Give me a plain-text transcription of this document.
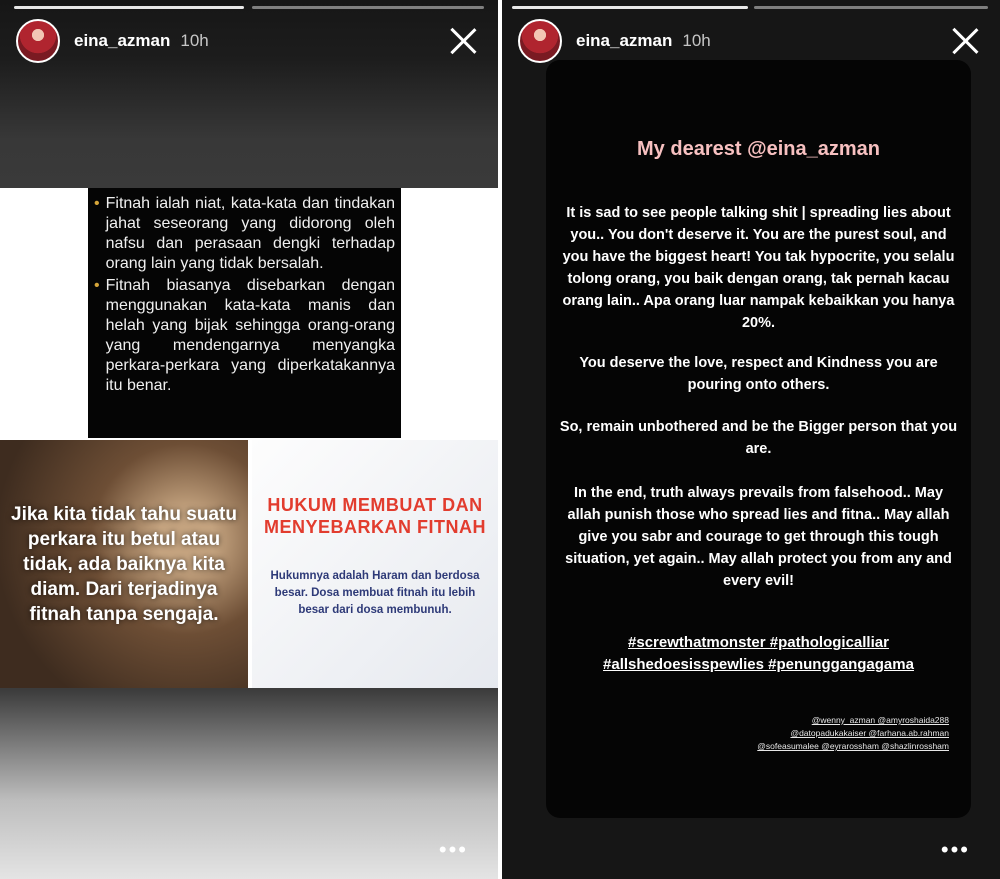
eina_azman 10h
• Fitnah ialah niat, kata-kata dan tindakan jahat seseorang yang didorong oleh nafsu dan perasaan dengki terhadap orang lain yang tidak bersalah.
• Fitnah biasanya disebarkan dengan menggunakan kata-kata manis dan helah yang bijak sehingga orang-orang yang mendengarnya menyangka perkara-perkara yang diperkatakannya itu benar.

Jika kita tidak tahu suatu perkara itu betul atau tidak, ada baiknya kita diam. Dari terjadinya fitnah tanpa sengaja.

HUKUM MEMBUAT DAN MENYEBARKAN FITNAH
Hukumnya adalah Haram dan berdosa besar. Dosa membuat fitnah itu lebih besar dari dosa membunuh.
•••
eina_azman 10h
My dearest @eina_azman
It is sad to see people talking shit | spreading lies about you.. You don't deserve it. You are the purest soul, and you have the biggest heart! You tak hypocrite, you selalu tolong orang, you baik dengan orang, tak pernah kacau orang lain.. Apa orang luar nampak kebaikkan you hanya 20%.
You deserve the love, respect and Kindness you are pouring onto others.
So, remain unbothered and be the Bigger person that you are.
In the end, truth always prevails from falsehood.. May allah punish those who spread lies and fitna.. May allah give you sabr and courage to get through this tough situation, yet again.. May allah protect you from any and every evil!
#screwthatmonster #pathologicalliar
#allshedoesisspewlies #penunggangagama
@wenny_azman @amyroshaida288
@datopadukakaiser @farhana.ab.rahman
@sofeasumalee @eyrarossham @shazlinrossham
•••
